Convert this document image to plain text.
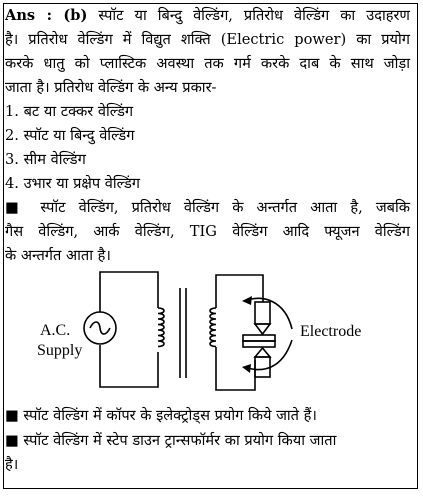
Ans : (b) स्पॉट या बिन्दु वेल्डिंग, प्रतिरोध वेल्डिंग का उदाहरण
है। प्रतिरोध वेल्डिंग में विद्युत शक्ति (Electric power) का प्रयोग
करके धातु को प्लास्टिक अवस्था तक गर्म करके दाब के साथ जोड़ा
जाता है। प्रतिरोध वेल्डिंग के अन्य प्रकार-
1. बट या टक्कर वेल्डिंग
2. स्पॉट या बिन्दु वेल्डिंग
3. सीम वेल्डिंग
4. उभार या प्रक्षेप वेल्डिंग
■ स्पॉट वेल्डिंग, प्रतिरोध वेल्डिंग के अन्तर्गत आता है, जबकि
गैस वेल्डिंग, आर्क वेल्डिंग, TIG वेल्डिंग आदि फ्यूजन वेल्डिंग
के अन्तर्गत आता है।
A.C.
Supply
Electrode
■ स्पॉट वेल्डिंग में कॉपर के इलेक्ट्रोड्स प्रयोग किये जाते हैं।
■ स्पॉट वेल्डिंग में स्टेप डाउन ट्रान्सफॉर्मर का प्रयोग किया जाता
है।
